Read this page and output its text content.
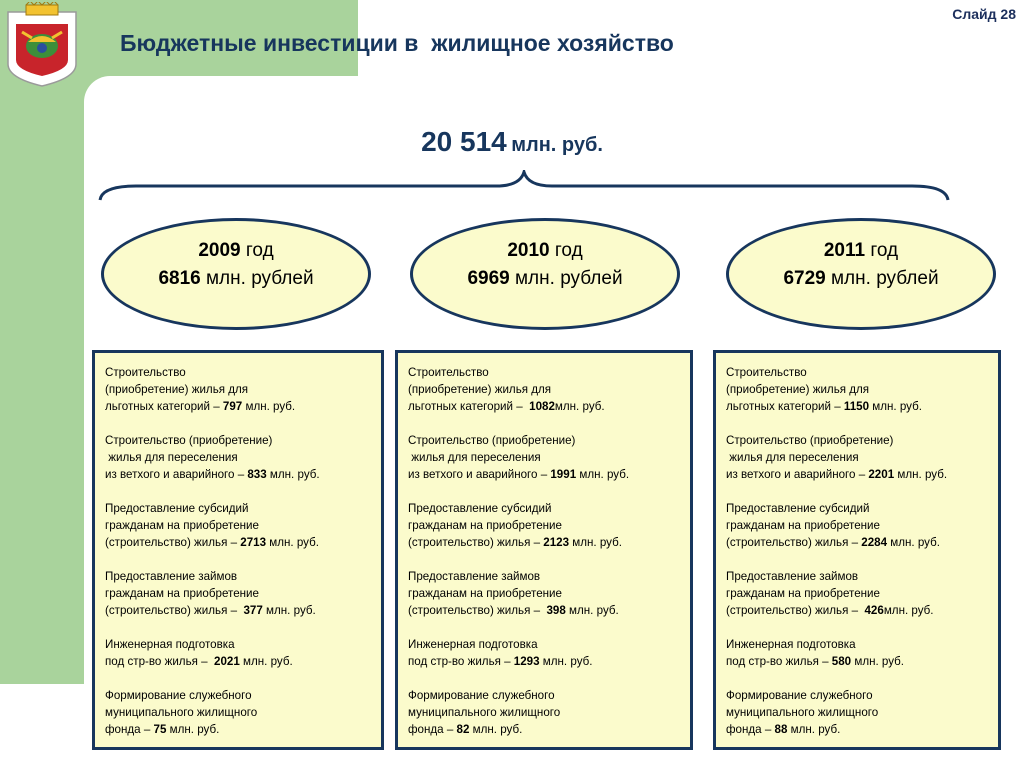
Слайд 28
Бюджетные инвестиции в  жилищное хозяйство
20 514 млн. руб.
2009 год
6816 млн. рублей
2010 год
6969 млн. рублей
2011 год
6729 млн. рублей
Строительство
(приобретение) жилья для
льготных категорий – 797 млн. руб.
Строительство (приобретение)
жилья для переселения
из ветхого и аварийного – 833 млн. руб.
Предоставление субсидий
гражданам на приобретение
(строительство) жилья – 2713 млн. руб.
Предоставление займов
гражданам на приобретение
(строительство) жилья –  377 млн. руб.
Инженерная подготовка
под стр-во жилья –  2021 млн. руб.
Формирование служебного
муниципального жилищного
фонда – 75 млн. руб.
Строительство
(приобретение) жилья для
льготных категорий –  1082млн. руб.
Строительство (приобретение)
жилья для переселения
из ветхого и аварийного – 1991 млн. руб.
Предоставление субсидий
гражданам на приобретение
(строительство) жилья – 2123 млн. руб.
Предоставление займов
гражданам на приобретение
(строительство) жилья –  398 млн. руб.
Инженерная подготовка
под стр-во жилья – 1293 млн. руб.
Формирование служебного
муниципального жилищного
фонда – 82 млн. руб.
Строительство
(приобретение) жилья для
льготных категорий – 1150 млн. руб.
Строительство (приобретение)
жилья для переселения
из ветхого и аварийного – 2201 млн. руб.
Предоставление субсидий
гражданам на приобретение
(строительство) жилья – 2284 млн. руб.
Предоставление займов
гражданам на приобретение
(строительство) жилья –  426млн. руб.
Инженерная подготовка
под стр-во жилья – 580 млн. руб.
Формирование служебного
муниципального жилищного
фонда – 88 млн. руб.
